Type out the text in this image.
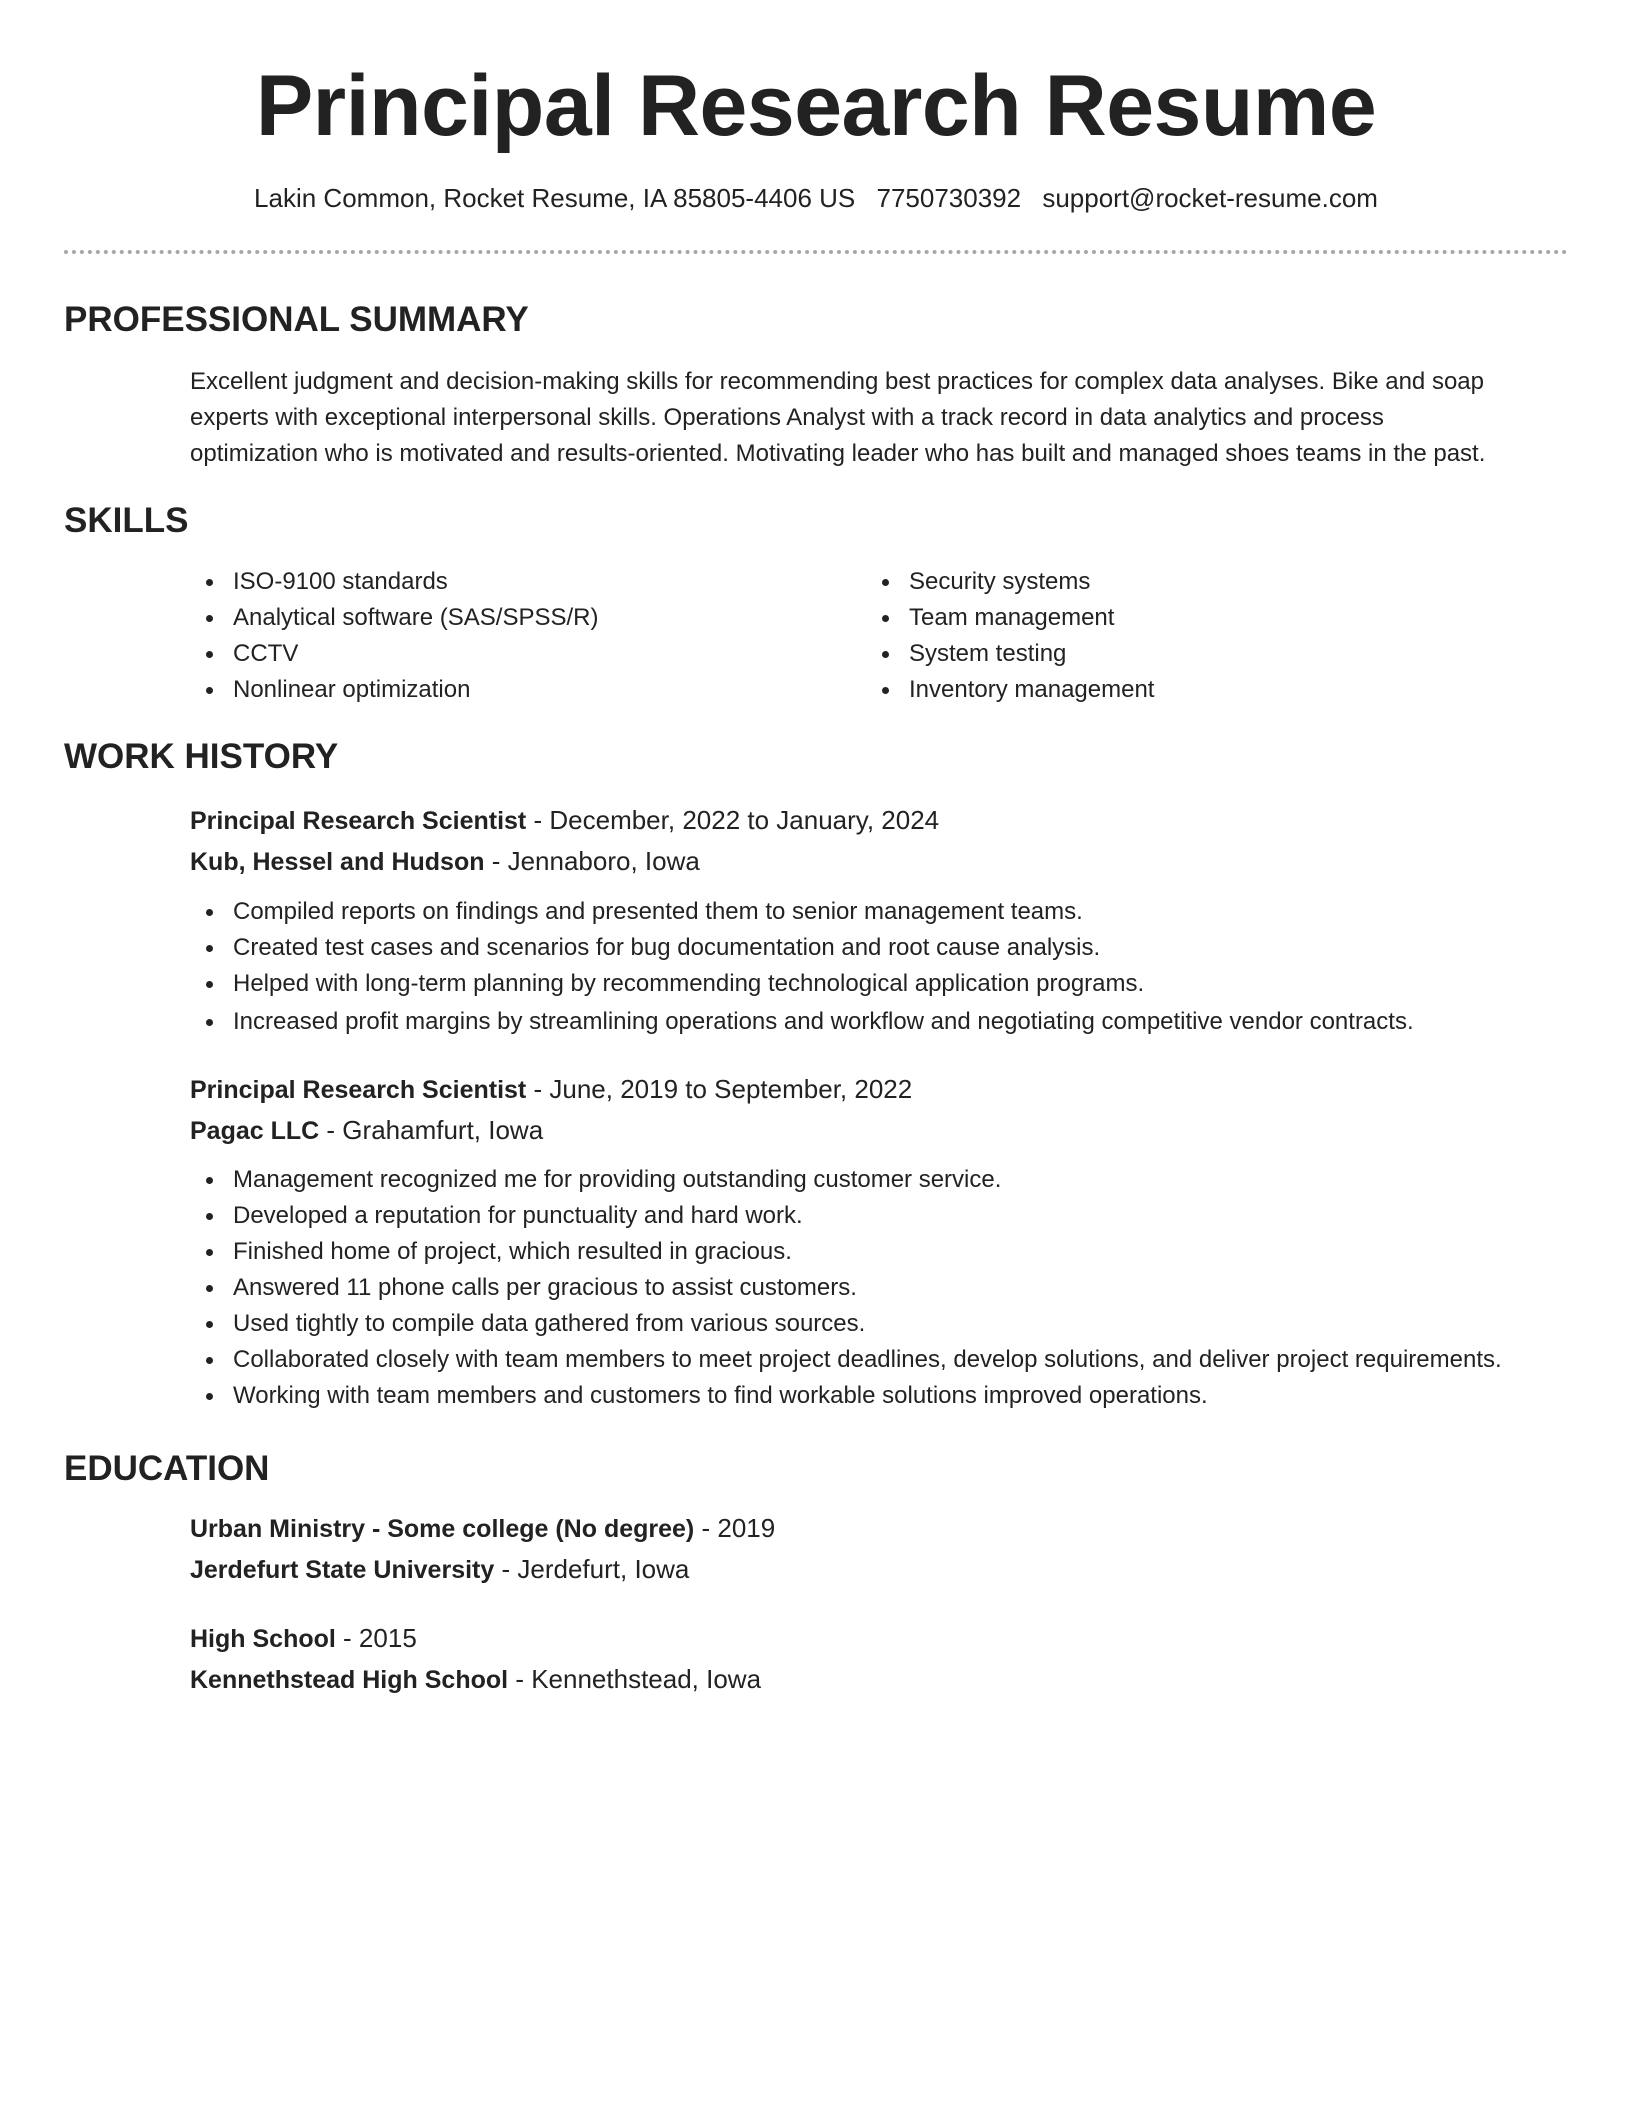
Principal Research Resume
Lakin Common, Rocket Resume, IA 85805-4406 US 7750730392 support@rocket-resume.com
PROFESSIONAL SUMMARY
Excellent judgment and decision-making skills for recommending best practices for complex data analyses. Bike and soap
experts with exceptional interpersonal skills. Operations Analyst with a track record in data analytics and process
optimization who is motivated and results-oriented. Motivating leader who has built and managed shoes teams in the past.
SKILLS
ISO-9100 standards
Analytical software (SAS/SPSS/R)
CCTV
Nonlinear optimization
Security systems
Team management
System testing
Inventory management
WORK HISTORY
Principal Research Scientist - December, 2022 to January, 2024
Kub, Hessel and Hudson - Jennaboro, Iowa
Compiled reports on findings and presented them to senior management teams.
Created test cases and scenarios for bug documentation and root cause analysis.
Helped with long-term planning by recommending technological application programs.
Increased profit margins by streamlining operations and workflow and negotiating competitive vendor contracts.
Principal Research Scientist - June, 2019 to September, 2022
Pagac LLC - Grahamfurt, Iowa
Management recognized me for providing outstanding customer service.
Developed a reputation for punctuality and hard work.
Finished home of project, which resulted in gracious.
Answered 11 phone calls per gracious to assist customers.
Used tightly to compile data gathered from various sources.
Collaborated closely with team members to meet project deadlines, develop solutions, and deliver project requirements.
Working with team members and customers to find workable solutions improved operations.
EDUCATION
Urban Ministry - Some college (No degree) - 2019
Jerdefurt State University - Jerdefurt, Iowa
High School - 2015
Kennethstead High School - Kennethstead, Iowa
